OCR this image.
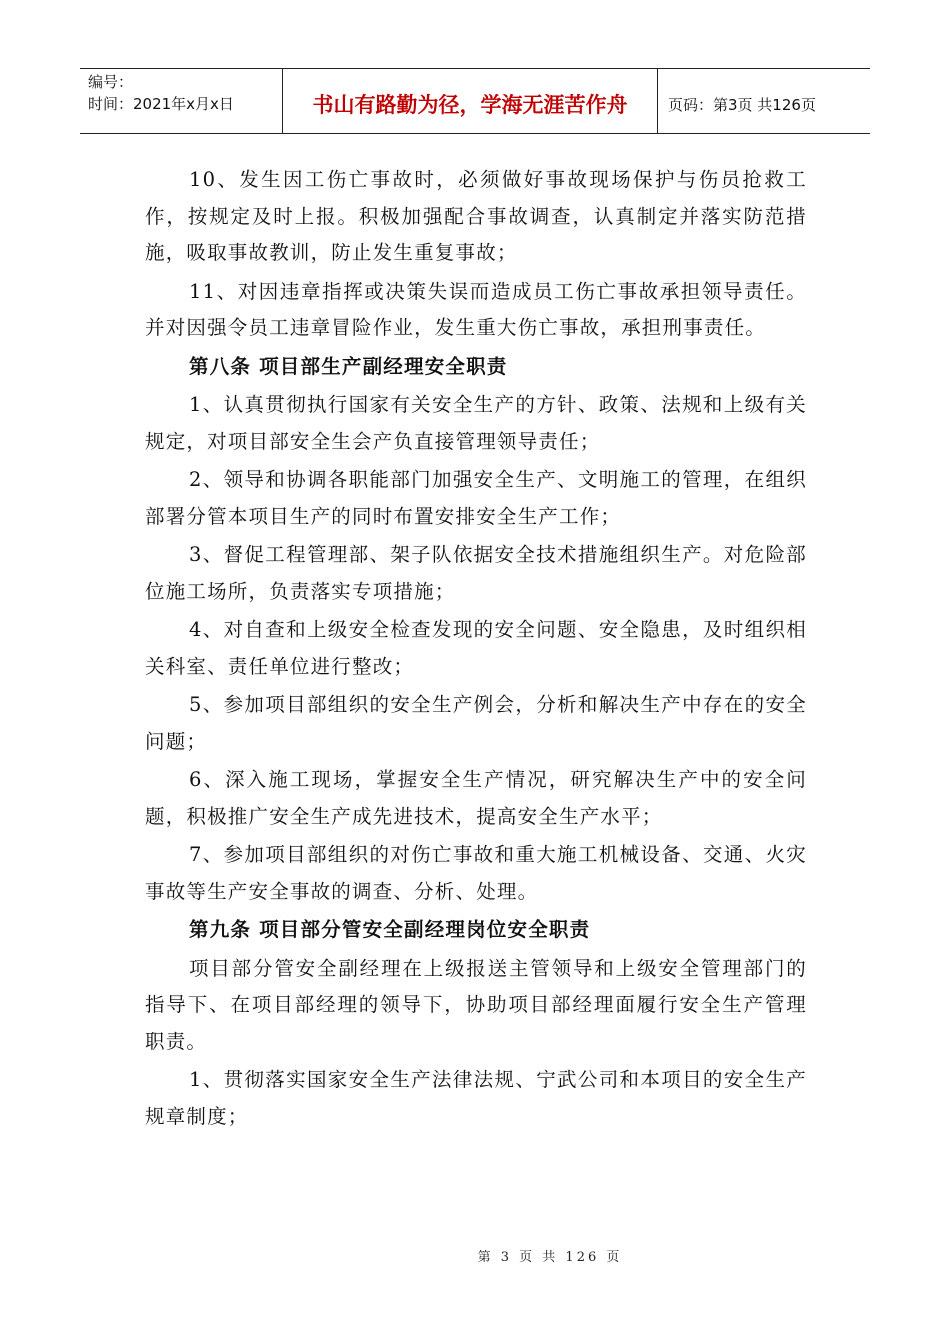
编号：
时间：2021年x月x日	书山有路勤为径，学海无涯苦作舟	页码：第3页 共126页

10、发生因工伤亡事故时，必须做好事故现场保护与伤员抢救工作，按规定及时上报。积极加强配合事故调查，认真制定并落实防范措施，吸取事故教训，防止发生重复事故；

11、对因违章指挥或决策失误而造成员工伤亡事故承担领导责任。并对因强令员工违章冒险作业，发生重大伤亡事故，承担刑事责任。

第八条 项目部生产副经理安全职责

1、认真贯彻执行国家有关安全生产的方针、政策、法规和上级有关规定，对项目部安全生会产负直接管理领导责任；

2、领导和协调各职能部门加强安全生产、文明施工的管理，在组织部署分管本项目生产的同时布置安排安全生产工作；

3、督促工程管理部、架子队依据安全技术措施组织生产。对危险部位施工场所，负责落实专项措施；

4、对自查和上级安全检查发现的安全问题、安全隐患，及时组织相关科室、责任单位进行整改；

5、参加项目部组织的安全生产例会，分析和解决生产中存在的安全问题；

6、深入施工现场，掌握安全生产情况，研究解决生产中的安全问题，积极推广安全生产成先进技术，提高安全生产水平；

7、参加项目部组织的对伤亡事故和重大施工机械设备、交通、火灾事故等生产安全事故的调查、分析、处理。

第九条 项目部分管安全副经理岗位安全职责

项目部分管安全副经理在上级报送主管领导和上级安全管理部门的指导下、在项目部经理的领导下，协助项目部经理面履行安全生产管理职责。

1、贯彻落实国家安全生产法律法规、宁武公司和本项目的安全生产规章制度；

第 3 页 共 126 页
